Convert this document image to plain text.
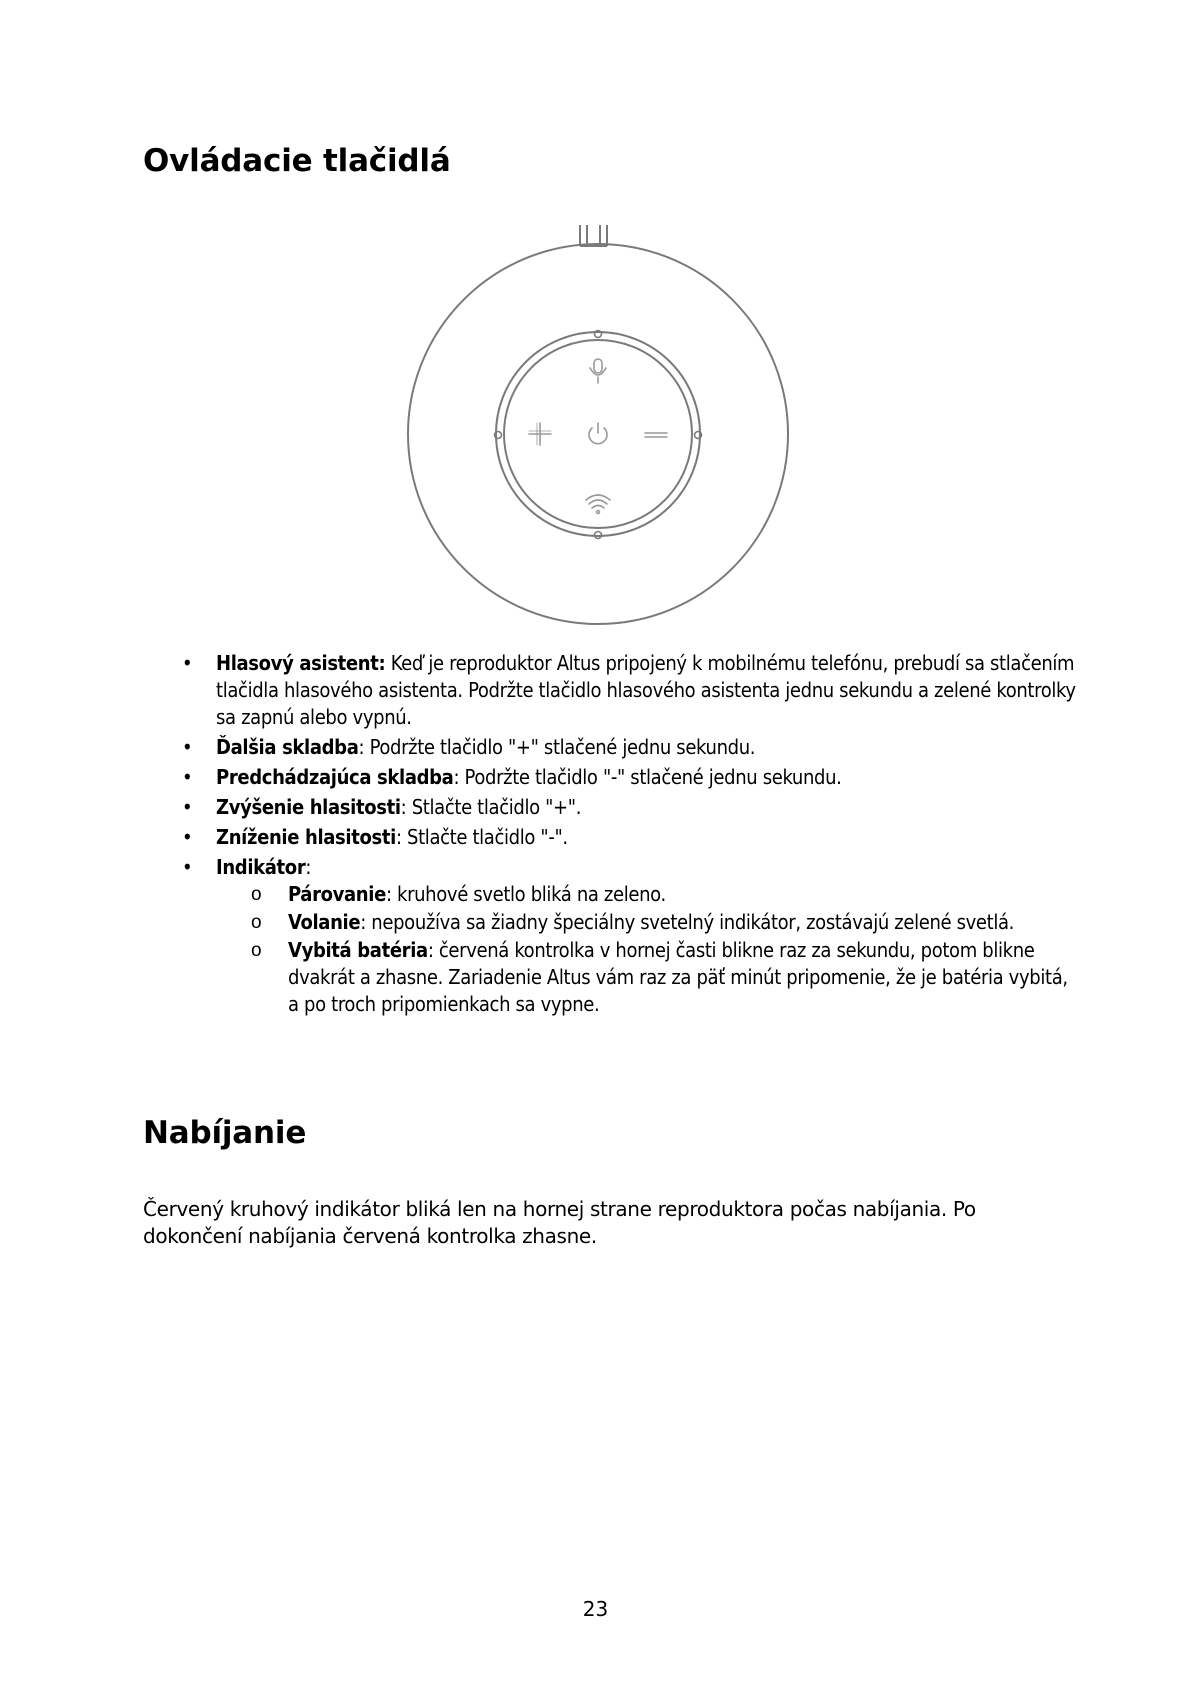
Ovládacie tlačidlá
• Hlasový asistent: Keď je reproduktor Altus pripojený k mobilnému telefónu, prebudí sa stlačením tlačidla hlasového asistenta. Podržte tlačidlo hlasového asistenta jednu sekundu a zelené kontrolky sa zapnú alebo vypnú.
• Ďalšia skladba: Podržte tlačidlo "+" stlačené jednu sekundu.
• Predchádzajúca skladba: Podržte tlačidlo "-" stlačené jednu sekundu.
• Zvýšenie hlasitosti: Stlačte tlačidlo "+".
• Zníženie hlasitosti: Stlačte tlačidlo "-".
• Indikátor:
o Párovanie: kruhové svetlo bliká na zeleno.
o Volanie: nepoužíva sa žiadny špeciálny svetelný indikátor, zostávajú zelené svetlá.
o Vybitá batéria: červená kontrolka v hornej časti blikne raz za sekundu, potom blikne dvakrát a zhasne. Zariadenie Altus vám raz za päť minút pripomenie, že je batéria vybitá, a po troch pripomienkach sa vypne.
Nabíjanie

Červený kruhový indikátor bliká len na hornej strane reproduktora počas nabíjania. Po dokončení nabíjania červená kontrolka zhasne.

23
